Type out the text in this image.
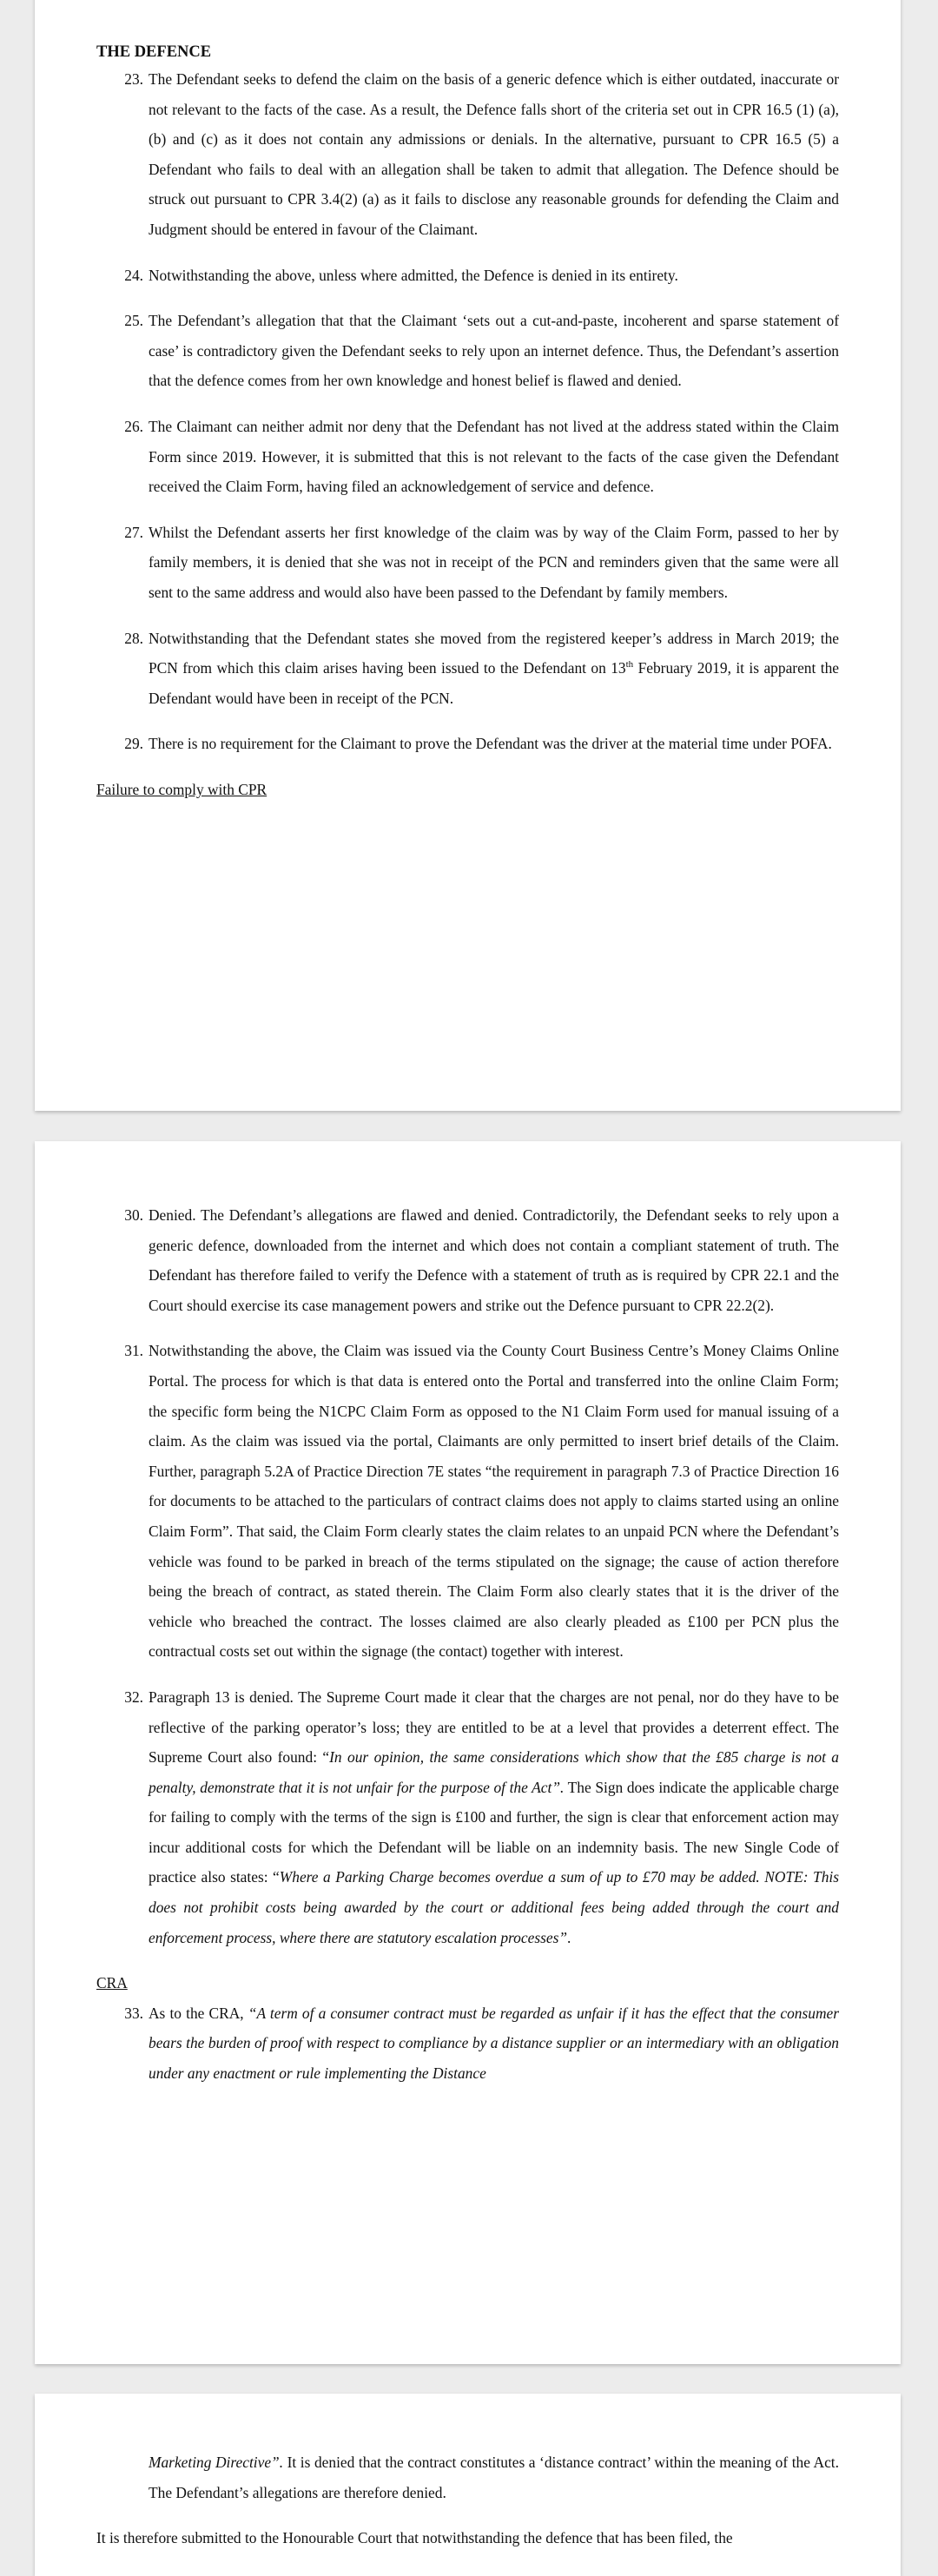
THE DEFENCE

23. The Defendant seeks to defend the claim on the basis of a generic defence which is either outdated, inaccurate or not relevant to the facts of the case. As a result, the Defence falls short of the criteria set out in CPR 16.5 (1) (a), (b) and (c) as it does not contain any admissions or denials. In the alternative, pursuant to CPR 16.5 (5) a Defendant who fails to deal with an allegation shall be taken to admit that allegation. The Defence should be struck out pursuant to CPR 3.4(2) (a) as it fails to disclose any reasonable grounds for defending the Claim and Judgment should be entered in favour of the Claimant.
24. Notwithstanding the above, unless where admitted, the Defence is denied in its entirety.
25. The Defendant’s allegation that that the Claimant ‘sets out a cut-and-paste, incoherent and sparse statement of case’ is contradictory given the Defendant seeks to rely upon an internet defence. Thus, the Defendant’s assertion that the defence comes from her own knowledge and honest belief is flawed and denied.
26. The Claimant can neither admit nor deny that the Defendant has not lived at the address stated within the Claim Form since 2019. However, it is submitted that this is not relevant to the facts of the case given the Defendant received the Claim Form, having filed an acknowledgement of service and defence.
27. Whilst the Defendant asserts her first knowledge of the claim was by way of the Claim Form, passed to her by family members, it is denied that she was not in receipt of the PCN and reminders given that the same were all sent to the same address and would also have been passed to the Defendant by family members.
28. Notwithstanding that the Defendant states she moved from the registered keeper’s address in March 2019; the PCN from which this claim arises having been issued to the Defendant on 13th February 2019, it is apparent the Defendant would have been in receipt of the PCN.
29. There is no requirement for the Claimant to prove the Defendant was the driver at the material time under POFA.

Failure to comply with CPR

30. Denied. The Defendant’s allegations are flawed and denied. Contradictorily, the Defendant seeks to rely upon a generic defence, downloaded from the internet and which does not contain a compliant statement of truth. The Defendant has therefore failed to verify the Defence with a statement of truth as is required by CPR 22.1 and the Court should exercise its case management powers and strike out the Defence pursuant to CPR 22.2(2).
31. Notwithstanding the above, the Claim was issued via the County Court Business Centre’s Money Claims Online Portal. The process for which is that data is entered onto the Portal and transferred into the online Claim Form; the specific form being the N1CPC Claim Form as opposed to the N1 Claim Form used for manual issuing of a claim. As the claim was issued via the portal, Claimants are only permitted to insert brief details of the Claim. Further, paragraph 5.2A of Practice Direction 7E states “the requirement in paragraph 7.3 of Practice Direction 16 for documents to be attached to the particulars of contract claims does not apply to claims started using an online Claim Form”. That said, the Claim Form clearly states the claim relates to an unpaid PCN where the Defendant’s vehicle was found to be parked in breach of the terms stipulated on the signage; the cause of action therefore being the breach of contract, as stated therein. The Claim Form also clearly states that it is the driver of the vehicle who breached the contract. The losses claimed are also clearly pleaded as £100 per PCN plus the contractual costs set out within the signage (the contact) together with interest.
32. Paragraph 13 is denied. The Supreme Court made it clear that the charges are not penal, nor do they have to be reflective of the parking operator’s loss; they are entitled to be at a level that provides a deterrent effect. The Supreme Court also found: “In our opinion, the same considerations which show that the £85 charge is not a penalty, demonstrate that it is not unfair for the purpose of the Act”. The Sign does indicate the applicable charge for failing to comply with the terms of the sign is £100 and further, the sign is clear that enforcement action may incur additional costs for which the Defendant will be liable on an indemnity basis. The new Single Code of practice also states: “Where a Parking Charge becomes overdue a sum of up to £70 may be added. NOTE: This does not prohibit costs being awarded by the court or additional fees being added through the court and enforcement process, where there are statutory escalation processes”.

CRA

33. As to the CRA, “A term of a consumer contract must be regarded as unfair if it has the effect that the consumer bears the burden of proof with respect to compliance by a distance supplier or an intermediary with an obligation under any enactment or rule implementing the Distance
Marketing Directive”. It is denied that the contract constitutes a ‘distance contract’ within the meaning of the Act. The Defendant’s allegations are therefore denied.

It is therefore submitted to the Honourable Court that notwithstanding the defence that has been filed, the
